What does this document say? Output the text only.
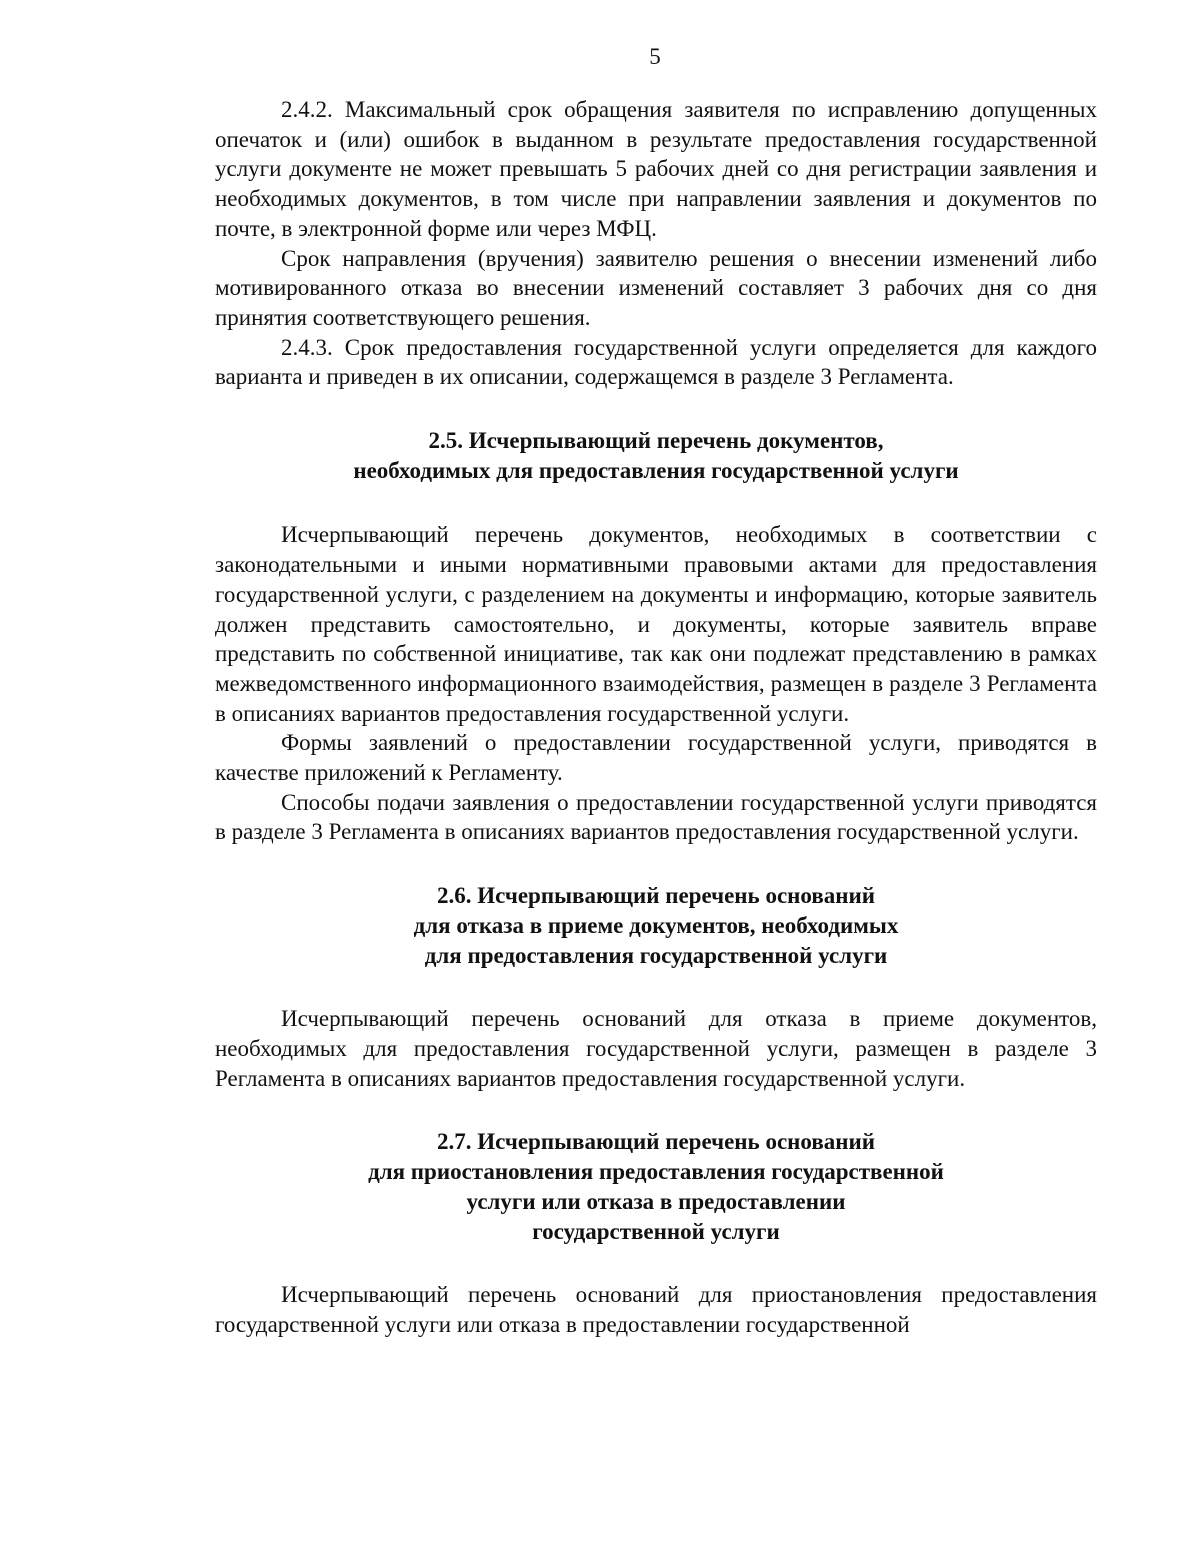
5

2.4.2. Максимальный срок обращения заявителя по исправлению допущенных опечаток и (или) ошибок в выданном в результате предоставления государственной услуги документе не может превышать 5 рабочих дней со дня регистрации заявления и необходимых документов, в том числе при направлении заявления и документов по почте, в электронной форме или через МФЦ.

Срок направления (вручения) заявителю решения о внесении изменений либо мотивированного отказа во внесении изменений составляет 3 рабочих дня со дня принятия соответствующего решения.

2.4.3. Срок предоставления государственной услуги определяется для каждого варианта и приведен в их описании, содержащемся в разделе 3 Регламента.

2.5. Исчерпывающий перечень документов,
необходимых для предоставления государственной услуги

Исчерпывающий перечень документов, необходимых в соответствии с законодательными и иными нормативными правовыми актами для предоставления государственной услуги, с разделением на документы и информацию, которые заявитель должен представить самостоятельно, и документы, которые заявитель вправе представить по собственной инициативе, так как они подлежат представлению в рамках межведомственного информационного взаимодействия, размещен в разделе 3 Регламента в описаниях вариантов предоставления государственной услуги.

Формы заявлений о предоставлении государственной услуги, приводятся в качестве приложений к Регламенту.

Способы подачи заявления о предоставлении государственной услуги приводятся в разделе 3 Регламента в описаниях вариантов предоставления государственной услуги.

2.6. Исчерпывающий перечень оснований
для отказа в приеме документов, необходимых
для предоставления государственной услуги

Исчерпывающий перечень оснований для отказа в приеме документов, необходимых для предоставления государственной услуги, размещен в разделе 3 Регламента в описаниях вариантов предоставления государственной услуги.

2.7. Исчерпывающий перечень оснований
для приостановления предоставления государственной
услуги или отказа в предоставлении
государственной услуги

Исчерпывающий перечень оснований для приостановления предоставления государственной услуги или отказа в предоставлении государственной
